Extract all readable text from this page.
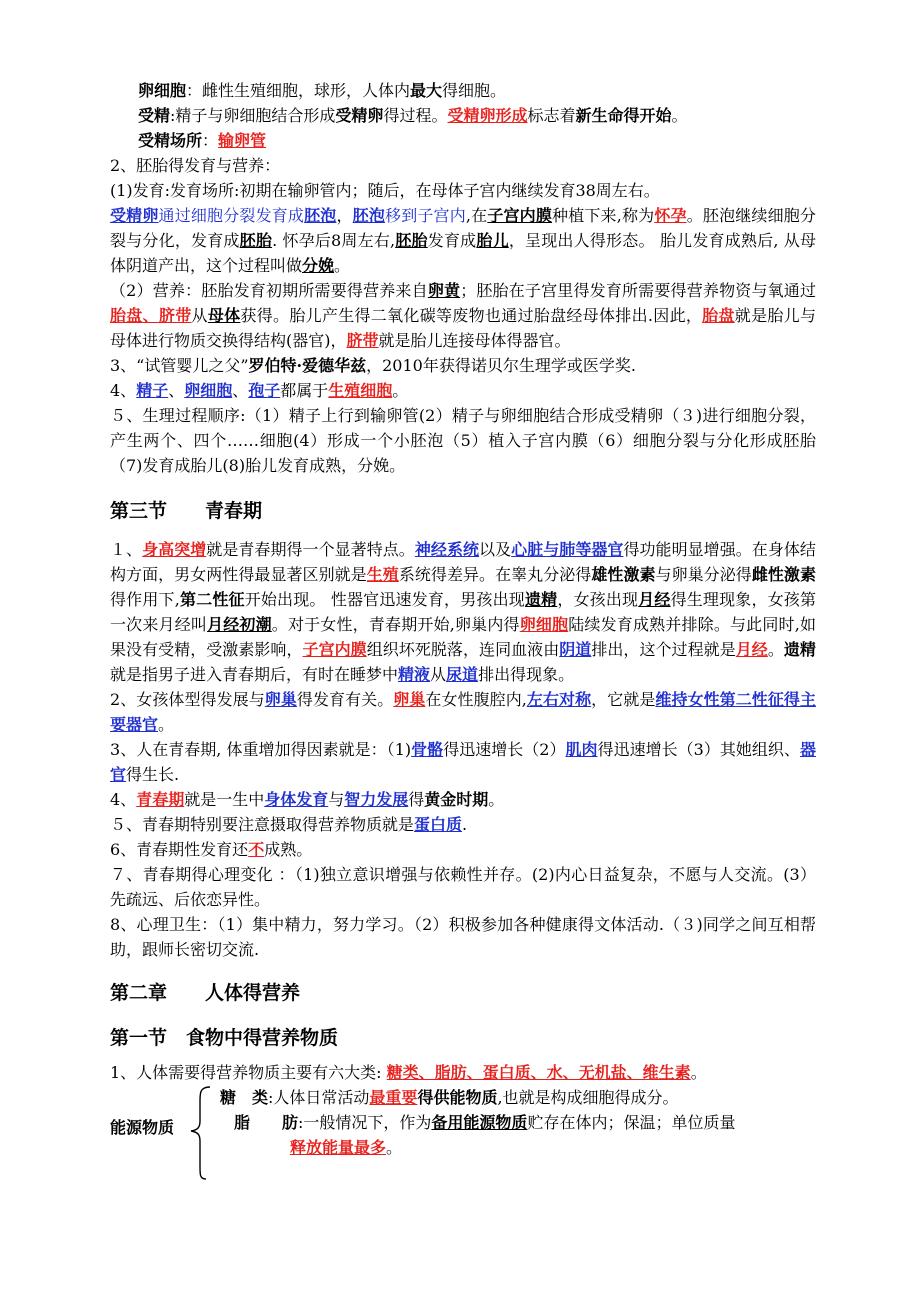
卵细胞：雌性生殖细胞，球形，人体内最大得细胞。

受精:精子与卵细胞结合形成受精卵得过程。受精卵形成标志着新生命得开始。

受精场所：输卵管

2、胚胎得发育与营养：

(1)发育:发育场所:初期在输卵管内；随后，在母体子宫内继续发育38周左右。

受精卵通过细胞分裂发育成胚泡，胚泡移到子宫内,在子宫内膜种植下来,称为怀孕。胚泡继续细胞分裂与分化，发育成胚胎. 怀孕后8周左右,胚胎发育成胎儿，呈现出人得形态。 胎儿发育成熟后, 从母体阴道产出，这个过程叫做分娩。

（2）营养：胚胎发育初期所需要得营养来自卵黄；胚胎在子宫里得发育所需要得营养物资与氧通过胎盘、脐带从母体获得。胎儿产生得二氧化碳等废物也通过胎盘经母体排出.因此，胎盘就是胎儿与母体进行物质交换得结构(器官)，脐带就是胎儿连接母体得器官。

3、“试管婴儿之父”罗伯特·爱德华兹，2010年获得诺贝尔生理学或医学奖.

4、精子、卵细胞、孢子都属于生殖细胞。

５、生理过程顺序:（1）精子上行到输卵管(2）精子与卵细胞结合形成受精卵（３)进行细胞分裂，产生两个、四个……细胞(4）形成一个小胚泡（5）植入子宫内膜（6）细胞分裂与分化形成胚胎（7)发育成胎儿(8)胎儿发育成熟，分娩。

第三节　　青春期

１、身高突增就是青春期得一个显著特点。神经系统以及心脏与肺等器官得功能明显增强。在身体结构方面，男女两性得最显著区别就是生殖系统得差异。在睾丸分泌得雄性激素与卵巢分泌得雌性激素得作用下,第二性征开始出现。 性器官迅速发育，男孩出现遗精，女孩出现月经得生理现象，女孩第一次来月经叫月经初潮。对于女性，青春期开始,卵巢内得卵细胞陆续发育成熟并排除。与此同时,如果没有受精，受激素影响，子宫内膜组织坏死脱落，连同血液由阴道排出，这个过程就是月经。遗精就是指男子进入青春期后，有时在睡梦中精液从尿道排出得现象。

2、女孩体型得发展与卵巢得发育有关。卵巢在女性腹腔内,左右对称，它就是维持女性第二性征得主要器官。

3、人在青春期, 体重增加得因素就是：（1)骨骼得迅速增长（2）肌肉得迅速增长（3）其她组织、器官得生长.

4、青春期就是一生中身体发育与智力发展得黄金时期。

５、青春期特别要注意摄取得营养物质就是蛋白质.

6、青春期性发育还不成熟。

７、青春期得心理变化 ：（1)独立意识增强与依赖性并存。(2)内心日益复杂，不愿与人交流。(3）先疏远、后依恋异性。

8、心理卫生：（1）集中精力，努力学习。（2）积极参加各种健康得文体活动.（３)同学之间互相帮助，跟师长密切交流.

第二章　　人体得营养

第一节　食物中得营养物质

1、人体需要得营养物质主要有六大类: 糖类、脂肪、蛋白质、水、无机盐、维生素。

能源物质

糖　类:人体日常活动最重要得供能物质,也就是构成细胞得成分。

脂　　肪:一般情况下，作为备用能源物质贮存在体内；保温；单位质量

释放能量最多。
